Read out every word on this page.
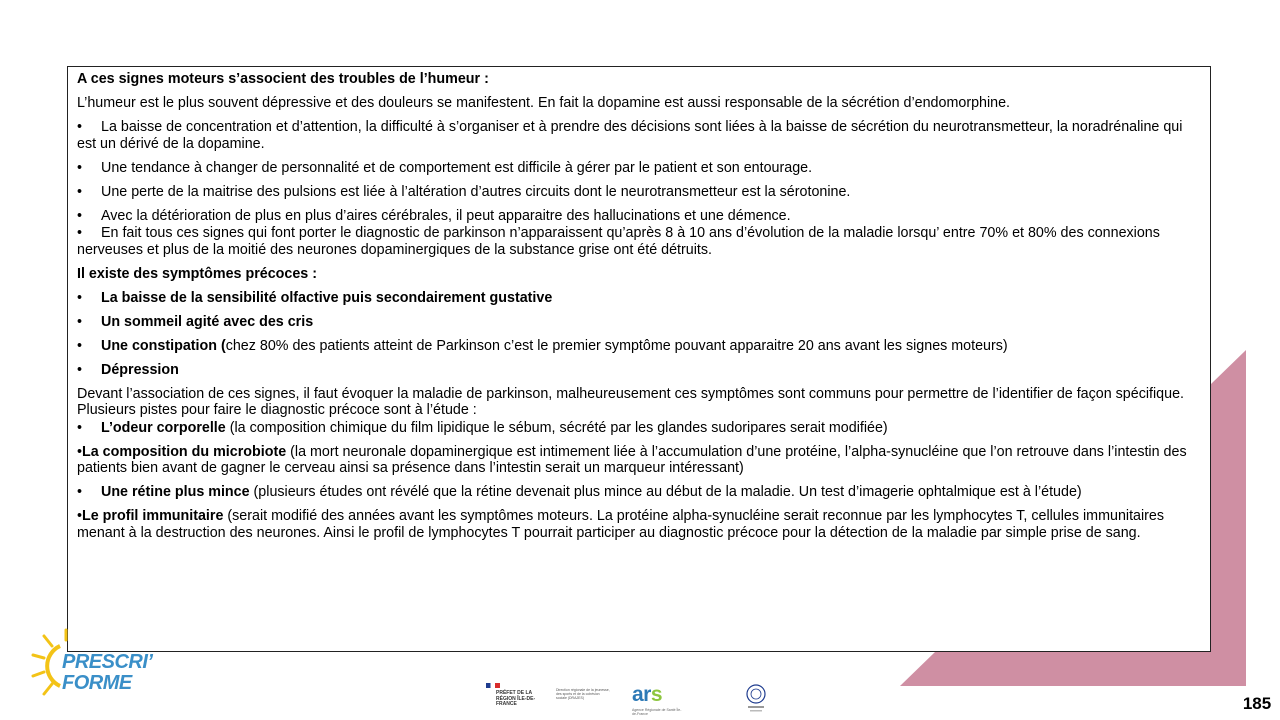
A ces signes moteurs s’associent des troubles de l’humeur :

L’humeur est le plus souvent dépressive et des douleurs se manifestent. En fait la dopamine est aussi responsable de la sécrétion d’endomorphine.

• La baisse de concentration et d’attention, la difficulté à s’organiser et à prendre des décisions sont liées à la baisse de sécrétion du neurotransmetteur, la noradrénaline qui est un dérivé de la dopamine.

• Une tendance à changer de personnalité et de comportement est difficile à gérer par le patient et son entourage.

• Une perte de la maitrise des pulsions est liée à l’altération d’autres circuits dont le neurotransmetteur est la sérotonine.

• Avec la détérioration de plus en plus d’aires cérébrales, il peut apparaitre des hallucinations et une démence.

• En fait tous ces signes qui font porter le diagnostic de parkinson n’apparaissent qu’après 8 à 10 ans d’évolution de la maladie lorsqu’ entre 70% et 80% des connexions nerveuses et plus de la moitié des neurones dopaminergiques de la substance grise ont été détruits.

Il existe des symptômes précoces :

• La baisse de la sensibilité olfactive puis secondairement gustative

• Un sommeil agité avec des cris

• Une constipation (chez 80% des patients atteint de Parkinson c’est le premier symptôme pouvant apparaitre 20 ans avant les signes moteurs)

• Dépression

Devant l’association de ces signes, il faut évoquer la maladie de parkinson, malheureusement ces symptômes sont communs pour permettre de l’identifier de façon spécifique. Plusieurs pistes pour faire le diagnostic précoce sont à l’étude :

• L’odeur corporelle (la composition chimique du film lipidique le sébum, sécrété par les glandes sudoripares serait modifiée)

•La composition du microbiote (la mort neuronale dopaminergique est intimement liée à l’accumulation d’une protéine, l’alpha-synucléine que l’on retrouve dans l’intestin des patients bien avant de gagner le cerveau ainsi sa présence dans l’intestin serait un marqueur intéressant)

• Une rétine plus mince (plusieurs études ont révélé que la rétine devenait plus mince au début de la maladie. Un test d’imagerie ophtalmique est à l’étude)

•Le profil immunitaire (serait modifié des années avant les symptômes moteurs. La protéine alpha-synucléine serait reconnue par les lymphocytes T, cellules immunitaires menant à la destruction des neurones. Ainsi le profil de lymphocytes T pourrait participer au diagnostic précoce pour la détection de la maladie par simple prise de sang.

PRESCRI’
FORME	PRÉFET DE LA RÉGION ÎLE-DE-FRANCE
Direction régionale de la jeunesse, des sports et de la cohésion sociale (DRAJES)	ars
Agence Régionale de Santé Île-de-France
185
